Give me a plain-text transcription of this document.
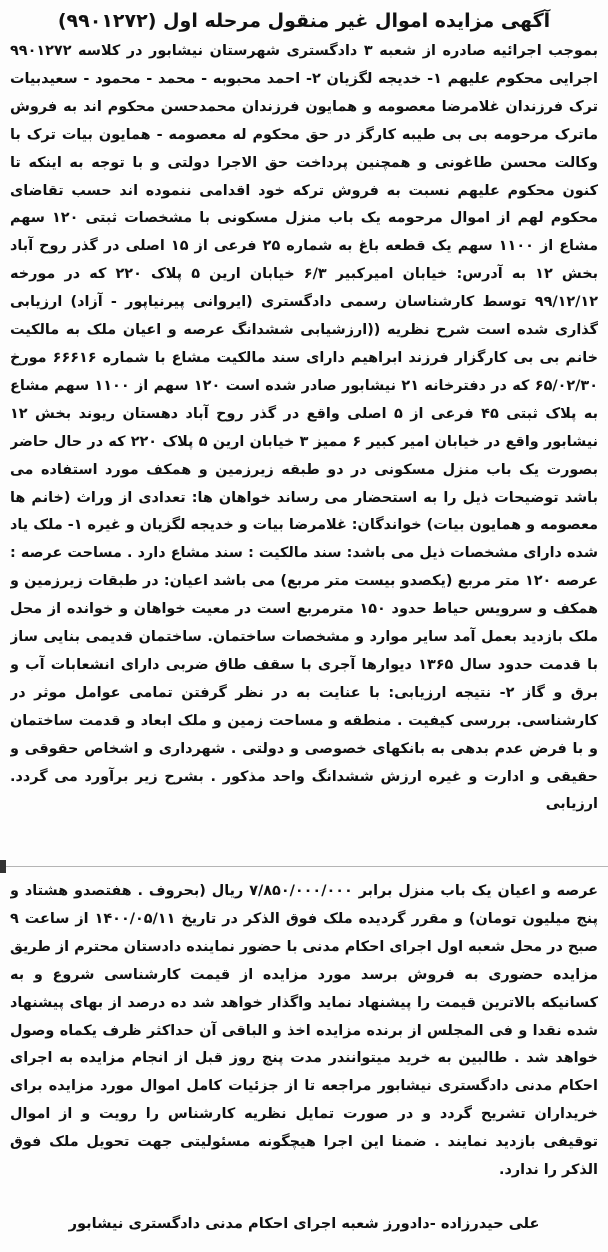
آگهی مزایده اموال غیر منقول مرحله اول (۹۹۰۱۲۷۲)

بموجب اجرائیه صادره از شعبه ۳ دادگستری شهرستان نیشابور در کلاسه ۹۹۰۱۲۷۲ اجرایی محکوم علیهم ۱- خدیجه لگزیان ۲- احمد محبوبه - محمد - محمود - سعیدبیات ترک فرزندان غلامرضا معصومه و همایون فرزندان محمدحسن محکوم اند به فروش ماترک مرحومه بی بی طیبه کارگز در حق محکوم له معصومه - همایون بیات ترک با وکالت محسن طاغونی و همچنین پرداخت حق الاجرا دولتی و با توجه به اینکه تا کنون محکوم علیهم نسبت به فروش ترکه خود اقدامی ننموده اند حسب تقاضای محکوم لهم از اموال مرحومه یک باب منزل مسکونی با مشخصات ثبتی ۱۲۰ سهم مشاع از ۱۱۰۰ سهم یک قطعه باغ به شماره ۲۵ فرعی از ۱۵ اصلی در گذر روح آباد بخش ۱۲ به آدرس: خیابان امیرکبیر ۶/۳ خیابان ارین ۵ پلاک ۲۲۰ که در مورخه ۹۹/۱۲/۱۲ توسط کارشناسان رسمی دادگستری (ایروانی پیرنیاپور - آزاد) ارزیابی گذاری شده است شرح نظریه ((ارزشیابی ششدانگ عرصه و اعیان ملک به مالکیت خانم بی بی کارگزار فرزند ابراهیم دارای سند مالکیت مشاع با شماره ۶۶۶۱۶ مورخ ۶۵/۰۲/۳۰ که در دفترخانه ۲۱ نیشابور صادر شده است ۱۲۰ سهم از ۱۱۰۰ سهم مشاع به پلاک ثبتی ۴۵ فرعی از ۵ اصلی واقع در گذر روح آباد دهستان ریوند بخش ۱۲ نیشابور واقع در خیابان امیر کبیر ۶ ممیز ۳ خیابان ارین ۵ پلاک ۲۲۰ که در حال حاضر بصورت یک باب منزل مسکونی در دو طبقه زیرزمین و همکف مورد استفاده می باشد توضیحات ذیل را به استحضار می رساند خواهان ها: تعدادی از وراث (خانم ها معصومه و همایون بیات) خواندگان: غلامرضا بیات و خدیجه لگزیان و غیره ۱- ملک یاد شده دارای مشخصات ذیل می باشد: سند مالکیت : سند مشاع دارد . مساحت عرصه : عرصه ۱۲۰ متر مربع (یکصدو بیست متر مربع) می باشد اعیان: در طبقات زیرزمین و همکف و سرویس حیاط حدود ۱۵۰ مترمربع است در معیت خواهان و خوانده از محل ملک بازدید بعمل آمد سایر موارد و مشخصات ساختمان. ساختمان قدیمی بنایی ساز با قدمت حدود سال ۱۳۶۵ دیوارها آجری با سقف طاق ضربی دارای انشعابات آب و برق و گاز ۲- نتیجه ارزیابی: با عنایت به در نظر گرفتن تمامی عوامل موثر در کارشناسی. بررسی کیفیت . منطقه و مساحت زمین و ملک ابعاد و قدمت ساختمان و با فرض عدم بدهی به بانکهای خصوصی و دولتی . شهرداری و اشخاص حقوقی و حقیقی و ادارت و غیره ارزش ششدانگ واحد مذکور . بشرح زیر برآورد می گردد. ارزیابی

عرصه و اعیان یک باب منزل برابر ۷/۸۵۰/۰۰۰/۰۰۰ ریال (بحروف . هفتصدو هشتاد و پنج میلیون تومان) و مقرر گردیده ملک فوق الذکر در تاریخ ۱۴۰۰/۰۵/۱۱ از ساعت ۹ صبح در محل شعبه اول اجرای احکام مدنی با حضور نماینده دادستان محترم از طریق مزایده حضوری به فروش برسد مورد مزایده از قیمت کارشناسی شروع و به کسانیکه بالاترین قیمت را پیشنهاد نماید واگذار خواهد شد ده درصد از بهای پیشنهاد شده نقدا و فی المجلس از برنده مزایده اخذ و الباقی آن حداکثر ظرف یکماه وصول خواهد شد . طالبین به خرید میتوانندر مدت پنج روز قبل از انجام مزایده به اجرای احکام مدنی دادگستری نیشابور مراجعه تا از جزئیات کامل اموال مورد مزایده برای خریداران تشریح گردد و در صورت تمایل نظریه کارشناس را رویت و از اموال توقیفی بازدید نمایند . ضمنا این اجرا هیچگونه مسئولیتی جهت تحویل ملک فوق الذکر را ندارد.

علی حیدرزاده -دادورز شعبه اجرای احکام مدنی دادگستری نیشابور
